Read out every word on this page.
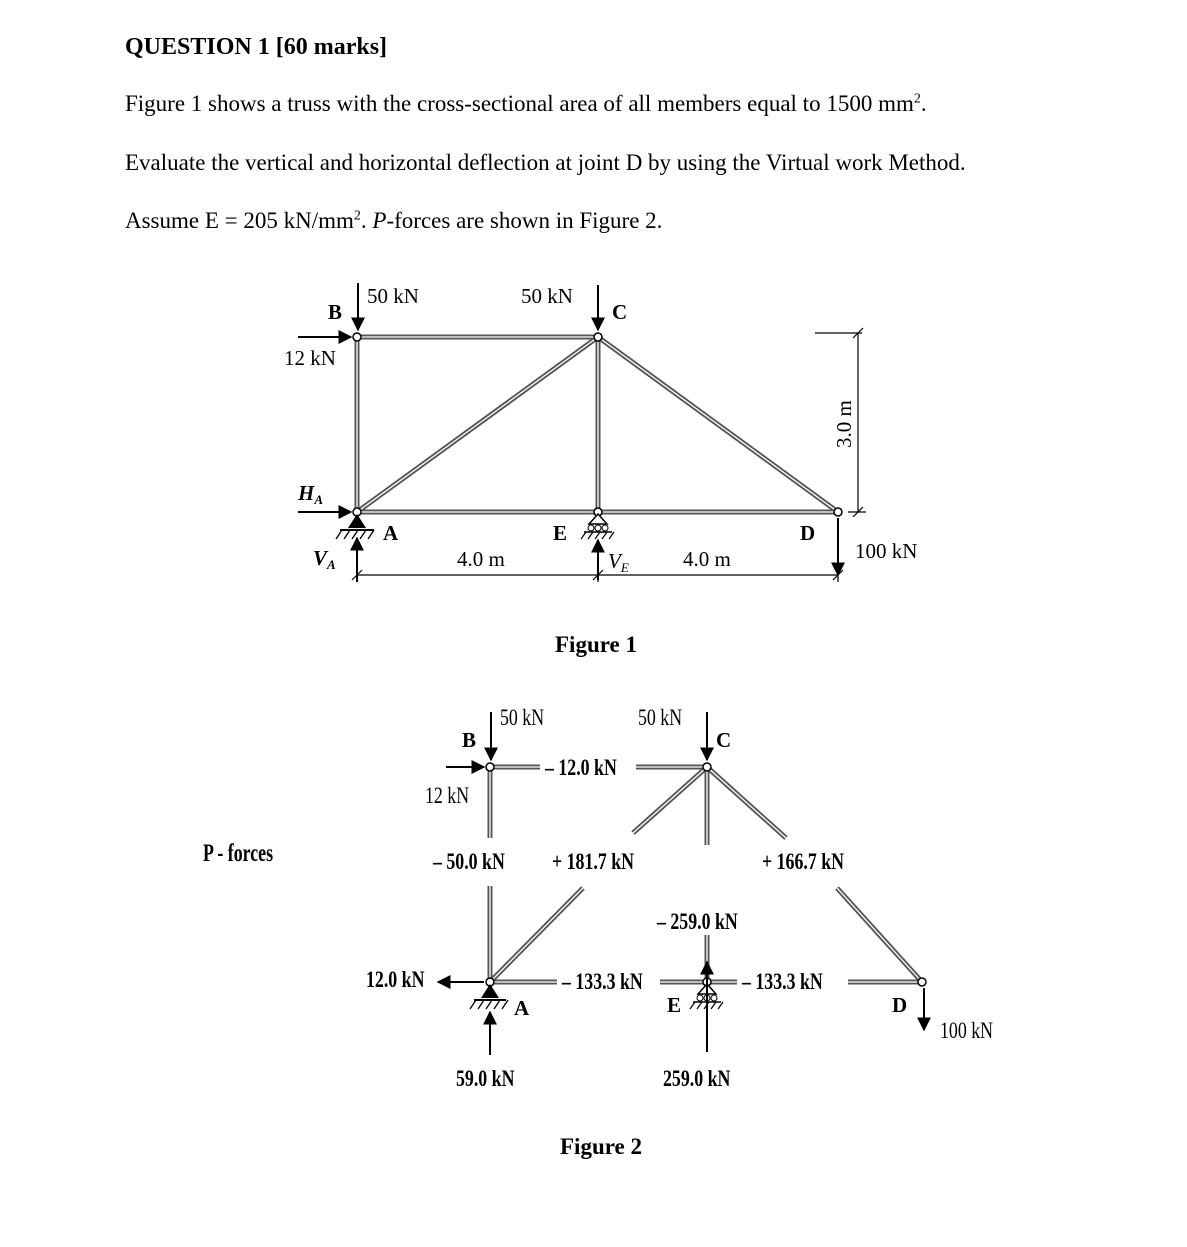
QUESTION 1 [60 marks]
Figure 1 shows a truss with the cross-sectional area of all members equal to 1500 $mm^2$.
Evaluate the vertical and horizontal deflection at joint D by using the Virtual work Method.
Assume E = 205 $kN/mm^2$. P-forces are shown in Figure 2.
B	C
A	E	D
50 kN	50 kN
12 kN
100 kN
HA
VA	VE
4.0 m	4.0 m
3.0 m
Figure 1
P - forces
B	C
A	E	D
50 kN	50 kN
12 kN
100 kN
– 12.0 kN
– 50.0 kN + 181.7 kN	+ 166.7 kN
– 259.0 kN
– 133.3 kN	– 133.3 kN
12.0 kN
59.0 kN	259.0 kN
Figure 2
